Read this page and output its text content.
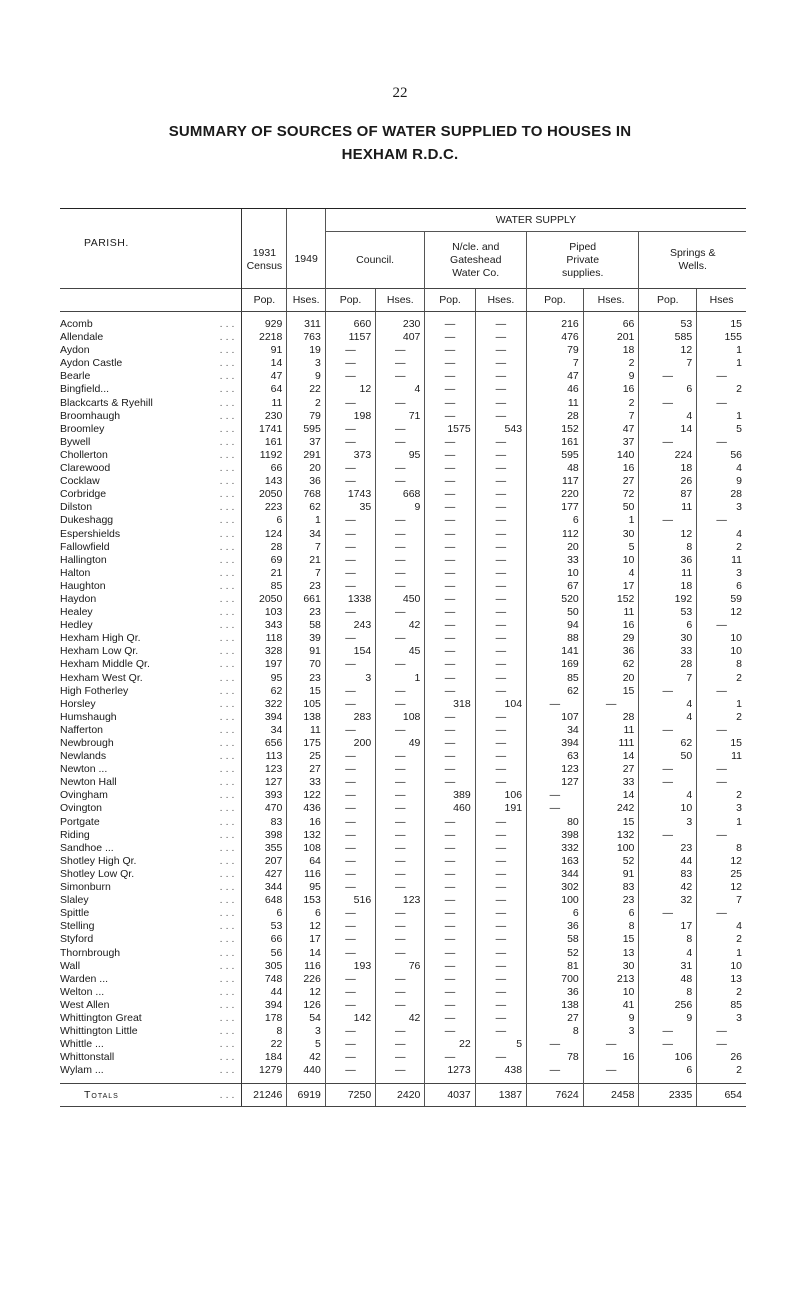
22
SUMMARY OF SOURCES OF WATER SUPPLIED TO HOUSES IN
HEXHAM R.D.C.

PARISH.			WATER SUPPLY							
	1931
Census	1949	Council.		N/cle. and
Gateshead
Water Co.		Piped
Private
supplies.		Springs &
Wells.	
	Pop.	Hses.	Pop.	Hses.	Pop.	Hses.	Pop.	Hses.	Pop.	Hses

Acomb ...	929	311	660	230	—	—	216	66	53	15
Allendale ...	2218	763	1157	407	—	—	476	201	585	155
Aydon ...	91	19	—	—	—	—	79	18	12	1
Aydon Castle ...	14	3	—	—	—	—	7	2	7	1
Bearle ...	47	9	—	—	—	—	47	9	—	—
Bingfield... ...	64	22	12	4	—	—	46	16	6	2
Blackcarts & Ryehill ...	11	2	—	—	—	—	11	2	—	—
Broomhaugh ...	230	79	198	71	—	—	28	7	4	1
Broomley ...	1741	595	—	—	1575	543	152	47	14	5
Bywell ...	161	37	—	—	—	—	161	37	—	—
Chollerton ...	1192	291	373	95	—	—	595	140	224	56
Clarewood ...	66	20	—	—	—	—	48	16	18	4
Cocklaw ...	143	36	—	—	—	—	117	27	26	9
Corbridge ...	2050	768	1743	668	—	—	220	72	87	28
Dilston ...	223	62	35	9	—	—	177	50	11	3
Dukeshagg ...	6	1	—	—	—	—	6	1	—	—
Espershields ...	124	34	—	—	—	—	112	30	12	4
Fallowfield ...	28	7	—	—	—	—	20	5	8	2
Hallington ...	69	21	—	—	—	—	33	10	36	11
Halton ...	21	7	—	—	—	—	10	4	11	3
Haughton ...	85	23	—	—	—	—	67	17	18	6
Haydon ...	2050	661	1338	450	—	—	520	152	192	59
Healey ...	103	23	—	—	—	—	50	11	53	12
Hedley ...	343	58	243	42	—	—	94	16	6	—
Hexham High Qr. ...	118	39	—	—	—	—	88	29	30	10
Hexham Low Qr. ...	328	91	154	45	—	—	141	36	33	10
Hexham Middle Qr. ...	197	70	—	—	—	—	169	62	28	8
Hexham West Qr. ...	95	23	3	1	—	—	85	20	7	2
High Fotherley ...	62	15	—	—	—	—	62	15	—	—
Horsley ...	322	105	—	—	318	104	—	—	4	1
Humshaugh ...	394	138	283	108	—	—	107	28	4	2
Nafferton ...	34	11	—	—	—	—	34	11	—	—
Newbrough ...	656	175	200	49	—	—	394	111	62	15
Newlands ...	113	25	—	—	—	—	63	14	50	11
Newton ... ...	123	27	—	—	—	—	123	27	—	—
Newton Hall ...	127	33	—	—	—	—	127	33	—	—
Ovingham ...	393	122	—	—	389	106	—	14	4	2
Ovington ...	470	436	—	—	460	191	—	242	10	3
Portgate ...	83	16	—	—	—	—	80	15	3	1
Riding ...	398	132	—	—	—	—	398	132	—	—
Sandhoe ... ...	355	108	—	—	—	—	332	100	23	8
Shotley High Qr. ...	207	64	—	—	—	—	163	52	44	12
Shotley Low Qr. ...	427	116	—	—	—	—	344	91	83	25
Simonburn ...	344	95	—	—	—	—	302	83	42	12
Slaley ...	648	153	516	123	—	—	100	23	32	7
Spittle ...	6	6	—	—	—	—	6	6	—	—
Stelling ...	53	12	—	—	—	—	36	8	17	4
Styford ...	66	17	—	—	—	—	58	15	8	2
Thornbrough ...	56	14	—	—	—	—	52	13	4	1
Wall ...	305	116	193	76	—	—	81	30	31	10
Warden ... ...	748	226	—	—	—	—	700	213	48	13
Welton ... ...	44	12	—	—	—	—	36	10	8	2
West Allen ...	394	126	—	—	—	—	138	41	256	85
Whittington Great ...	178	54	142	42	—	—	27	9	9	3
Whittington Little ...	8	3	—	—	—	—	8	3	—	—
Whittle ... ...	22	5	—	—	22	5	—	—	—	—
Whittonstall ...	184	42	—	—	—	—	78	16	106	26
Wylam ... ...	1279	440	—	—	1273	438	—	—	6	2

Totals ...	21246	6919	7250	2420	4037	1387	7624	2458	2335	654
